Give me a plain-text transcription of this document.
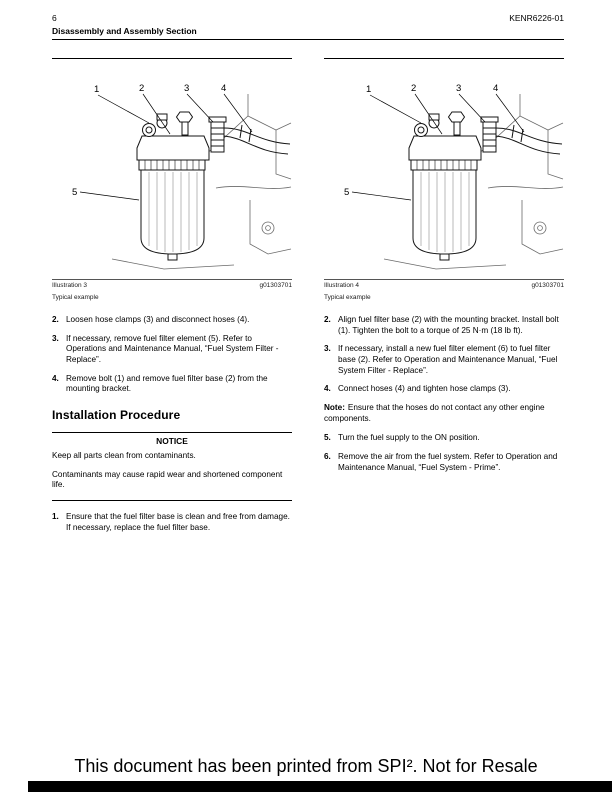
6	KENR6226-01
Disassembly and Assembly Section
1	2	3	4
5
Illustration 3	g01303701
Typical example
2. Loosen hose clamps (3) and disconnect hoses (4).
3. If necessary, remove fuel filter element (5). Refer to Operations and Maintenance Manual, “Fuel System Filter - Replace”.
4. Remove bolt (1) and remove fuel filter base (2) from the mounting bracket.
Installation Procedure
NOTICE

Keep all parts clean from contaminants.

Contaminants may cause rapid wear and shortened component life.

1. Ensure that the fuel filter base is clean and free from damage. If necessary, replace the fuel filter base.
1	2	3	4
5
Illustration 4	g01303701
Typical example
2. Align fuel filter base (2) with the mounting bracket. Install bolt (1). Tighten the bolt to a torque of 25 N·m (18 lb ft).
3. If necessary, install a new fuel filter element (6) to fuel filter base (2). Refer to Operation and Maintenance Manual, “Fuel System Filter - Replace”.
4. Connect hoses (4) and tighten hose clamps (3).

Note: Ensure that the hoses do not contact any other engine components.

5. Turn the fuel supply to the ON position.
6. Remove the air from the fuel system. Refer to Operation and Maintenance Manual, “Fuel System - Prime”.
This document has been printed from SPI². Not for Resale
